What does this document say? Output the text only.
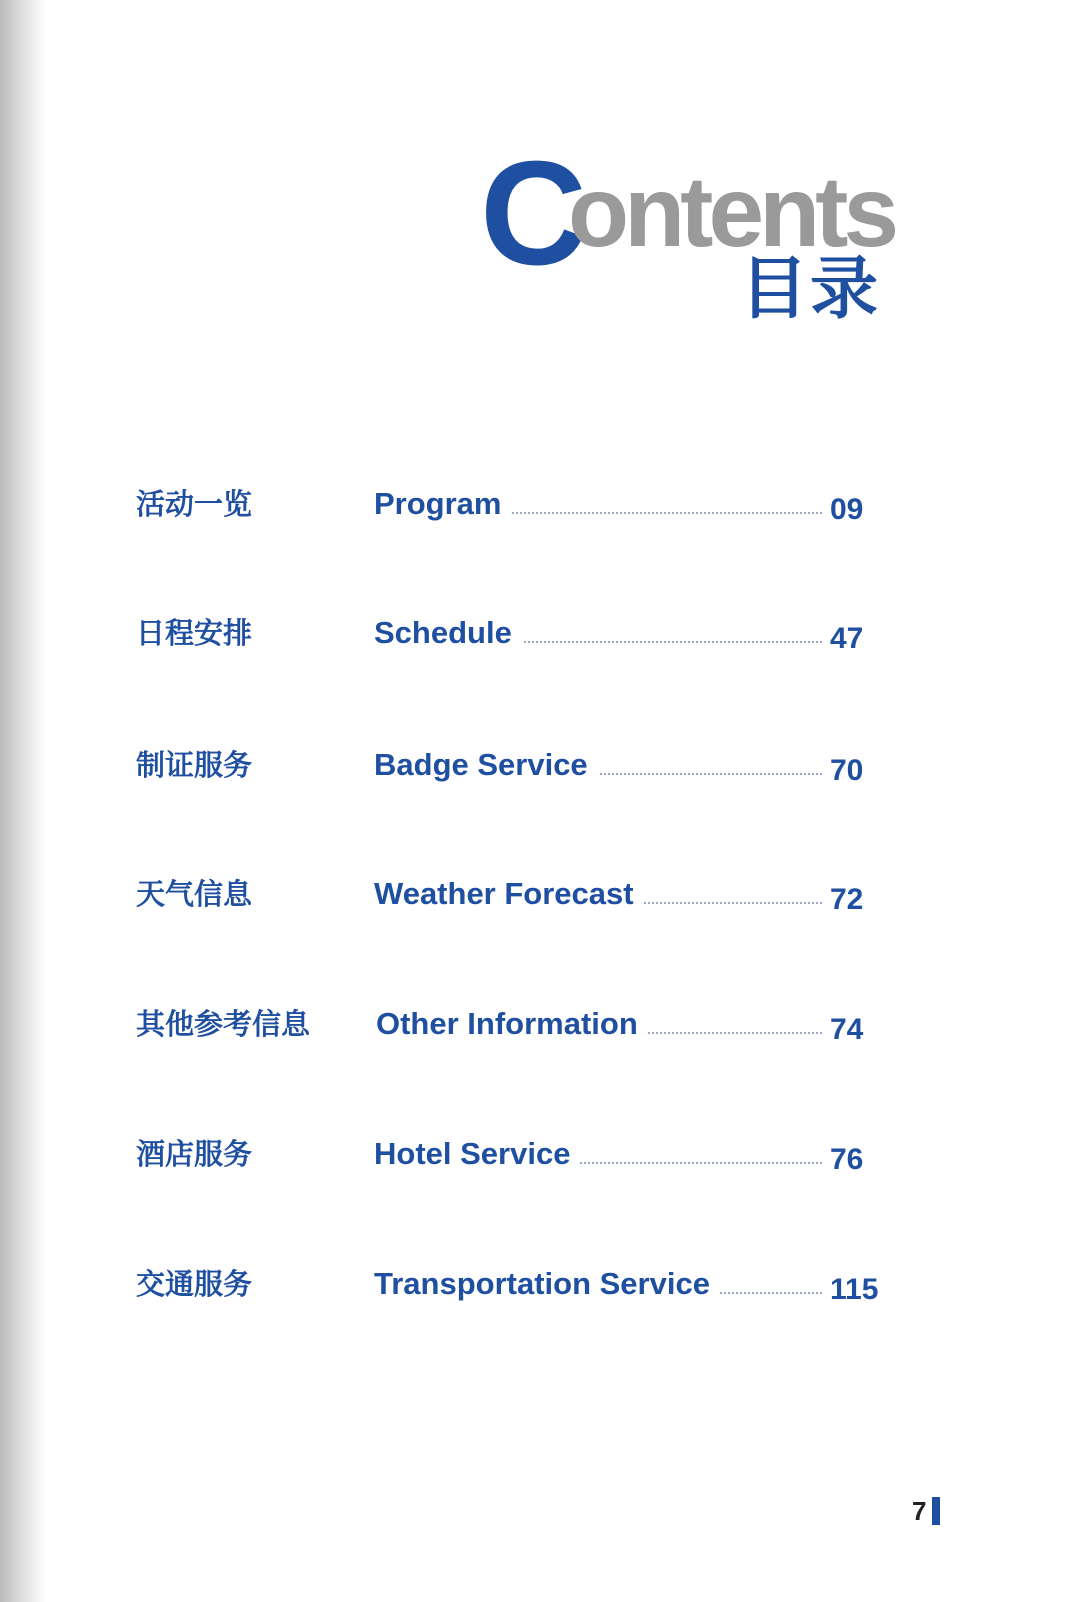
C
ontents
目录
活动一览	Program	09
日程安排	Schedule	47
制证服务	Badge Service	70
天气信息	Weather Forecast	72
其他参考信息 Other Information	74
酒店服务	Hotel Service	76
交通服务	Transportation Service	115
7
